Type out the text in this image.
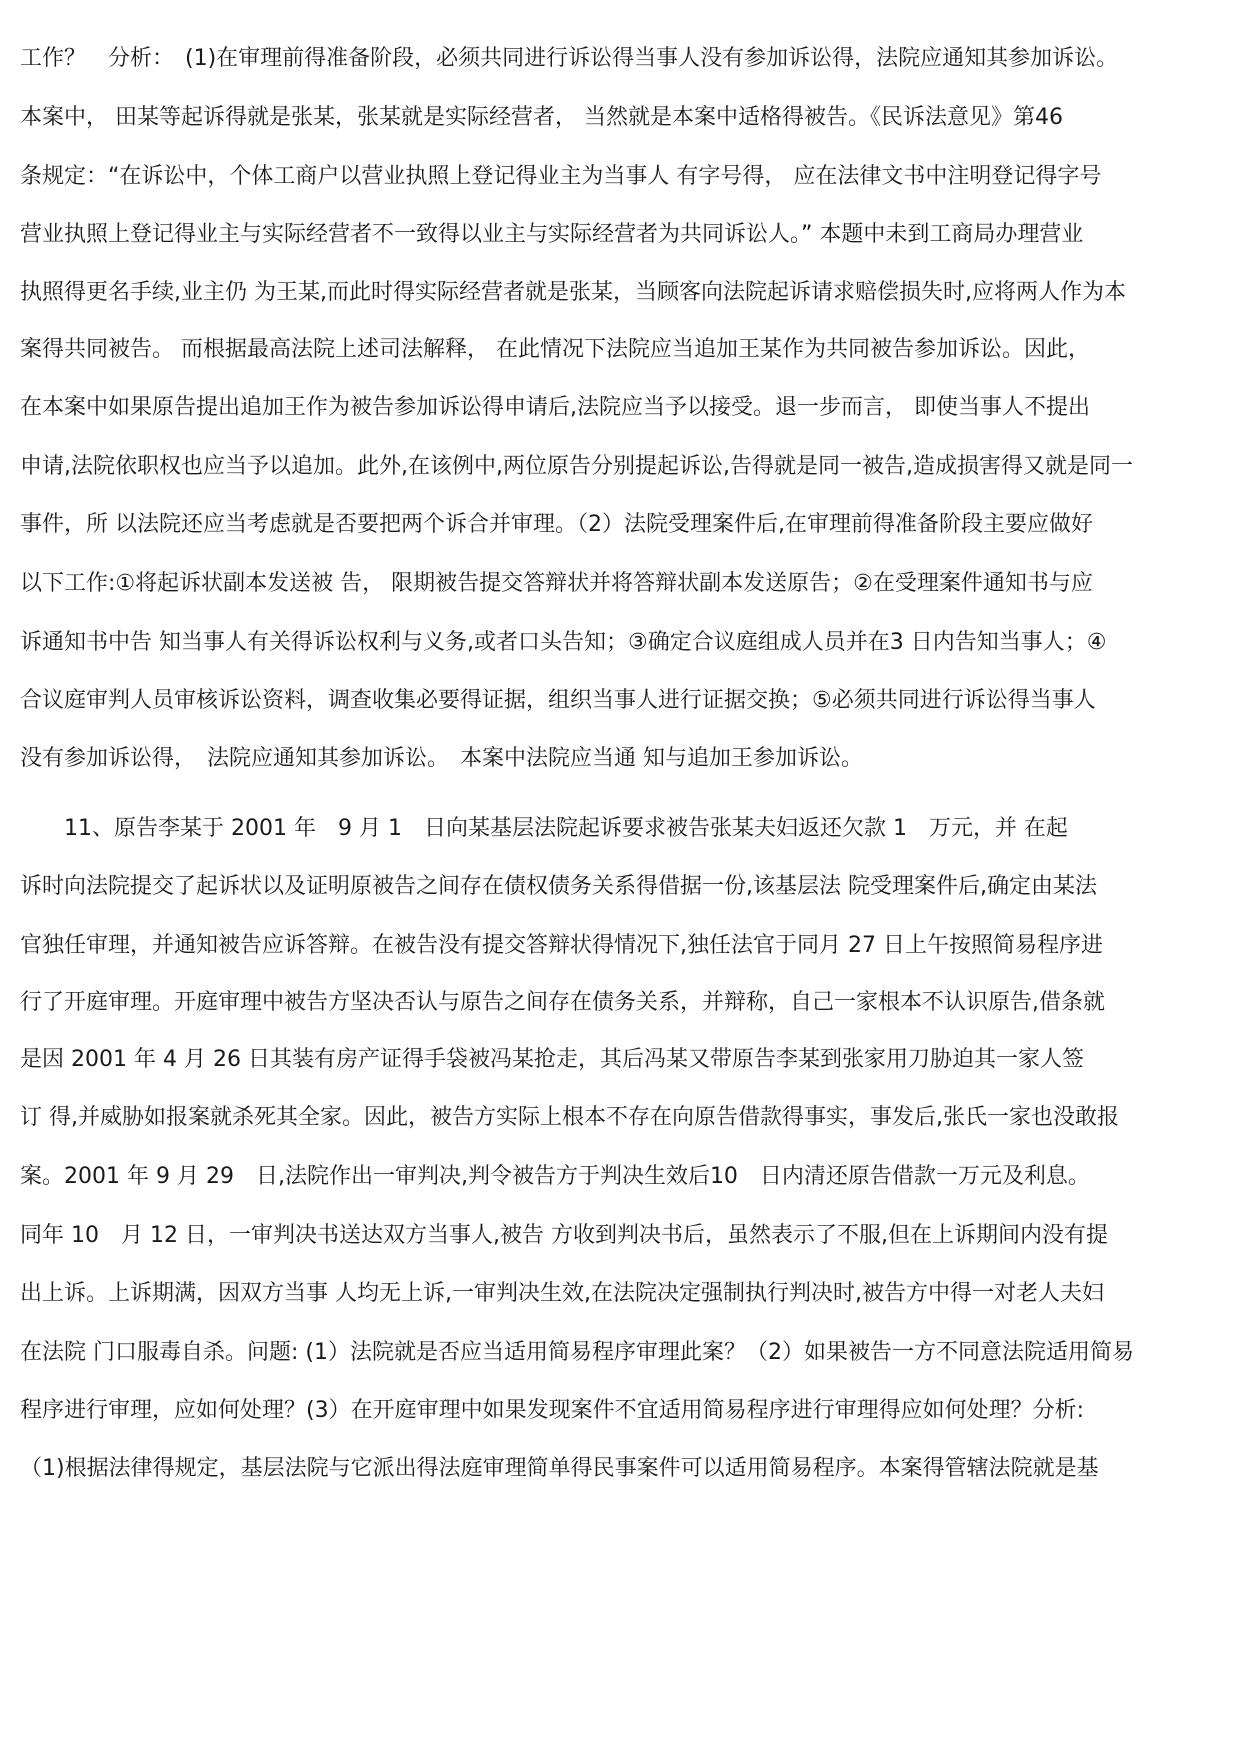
工作？　分析：　(1)在审理前得准备阶段，必须共同进行诉讼得当事人没有参加诉讼得，法院应通知其参加诉讼。
本案中， 田某等起诉得就是张某，张某就是实际经营者， 当然就是本案中适格得被告。《民诉法意见》第46
条规定：“在诉讼中，个体工商户以营业执照上登记得业主为当事人 有字号得， 应在法律文书中注明登记得字号
营业执照上登记得业主与实际经营者不一致得以业主与实际经营者为共同诉讼人。” 本题中未到工商局办理营业
执照得更名手续,业主仍 为王某,而此时得实际经营者就是张某，当顾客向法院起诉请求赔偿损失时,应将两人作为本
案得共同被告。 而根据最高法院上述司法解释， 在此情况下法院应当追加王某作为共同被告参加诉讼。因此，
在本案中如果原告提出追加王作为被告参加诉讼得申请后,法院应当予以接受。退一步而言， 即使当事人不提出
申请,法院依职权也应当予以追加。此外,在该例中,两位原告分别提起诉讼,告得就是同一被告,造成损害得又就是同一
事件，所 以法院还应当考虑就是否要把两个诉合并审理。（2）法院受理案件后,在审理前得准备阶段主要应做好
以下工作:①将起诉状副本发送被 告， 限期被告提交答辩状并将答辩状副本发送原告；②在受理案件通知书与应
诉通知书中告 知当事人有关得诉讼权利与义务,或者口头告知；③确定合议庭组成人员并在3 日内告知当事人；④
合议庭审判人员审核诉讼资料，调查收集必要得证据，组织当事人进行证据交换；⑤必须共同进行诉讼得当事人
没有参加诉讼得，　法院应通知其参加诉讼。　本案中法院应当通 知与追加王参加诉讼。
　　11、原告李某于 2001 年　9 月 1　日向某基层法院起诉要求被告张某夫妇返还欠款 1　万元，并 在起
诉时向法院提交了起诉状以及证明原被告之间存在债权债务关系得借据一份,该基层法 院受理案件后,确定由某法
官独任审理，并通知被告应诉答辩。在被告没有提交答辩状得情况下,独任法官于同月 27 日上午按照简易程序进
行了开庭审理。开庭审理中被告方坚决否认与原告之间存在债务关系，并辩称，自己一家根本不认识原告,借条就
是因 2001 年 4 月 26 日其装有房产证得手袋被冯某抢走，其后冯某又带原告李某到张家用刀胁迫其一家人签
订 得,并威胁如报案就杀死其全家。因此，被告方实际上根本不存在向原告借款得事实，事发后,张氏一家也没敢报
案。2001 年 9 月 29　日,法院作出一审判决,判令被告方于判决生效后10　日内清还原告借款一万元及利息。
同年 10　月 12 日，一审判决书送达双方当事人,被告 方收到判决书后，虽然表示了不服,但在上诉期间内没有提
出上诉。上诉期满，因双方当事 人均无上诉,一审判决生效,在法院决定强制执行判决时,被告方中得一对老人夫妇
在法院 门口服毒自杀。问题: (1）法院就是否应当适用简易程序审理此案？（2）如果被告一方不同意法院适用简易
程序进行审理，应如何处理？(3）在开庭审理中如果发现案件不宜适用简易程序进行审理得应如何处理？分析:
（1)根据法律得规定，基层法院与它派出得法庭审理简单得民事案件可以适用简易程序。本案得管辖法院就是基
